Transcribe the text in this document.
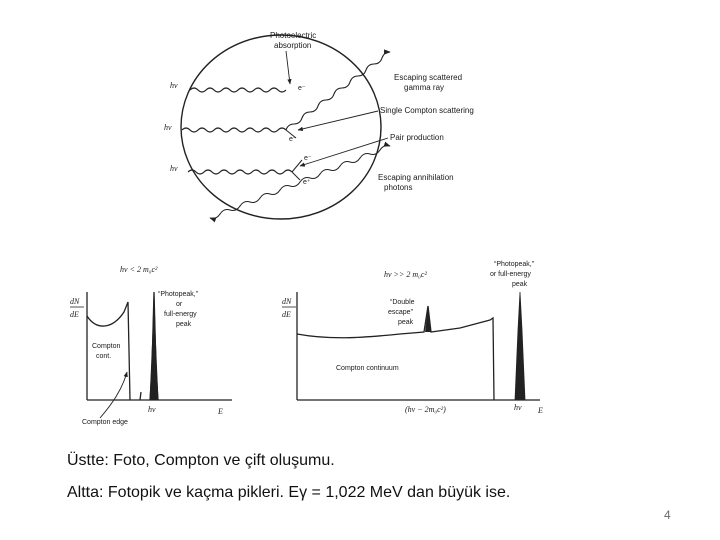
hν	e⁻
hν
e⁻
hν
e⁻
e⁺
Photoelectric
absorption
Escaping scattered
gamma ray
Single Compton scattering
Pair production
Escaping annihilation
photons
hν < 2 m₀c²
dN
dE
“Photopeak,”
or
full-energy
peak
Compton
cont.
Compton edge
hν	E
hν >> 2 m₀c²
dN
dE
“Photopeak,”
or full-energy
peak
“Double
escape”
peak
Compton continuum
(hν − 2m₀c²)	hν E

Üstte: Foto, Compton ve çift oluşumu.

Altta: Fotopik ve kaçma pikleri. Eγ = 1,022 MeV dan büyük ise.

4
